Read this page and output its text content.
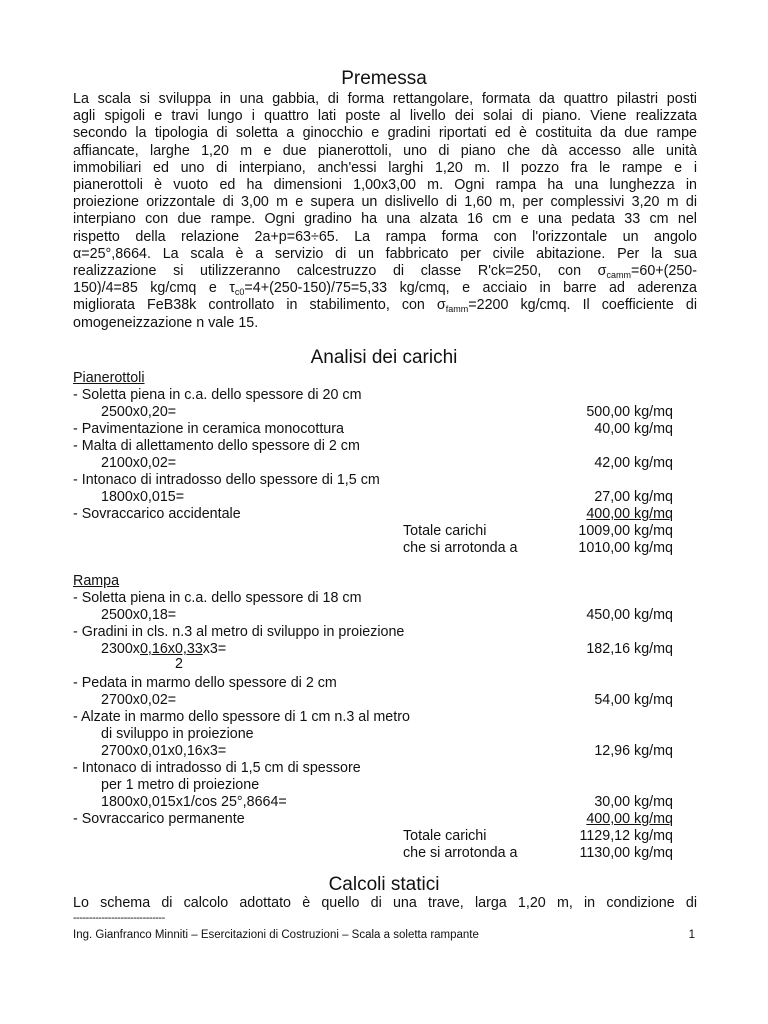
Premessa
La scala si sviluppa in una gabbia, di forma rettangolare, formata da quattro pilastri posti
agli spigoli e travi lungo i quattro lati poste al livello dei solai di piano. Viene realizzata
secondo la tipologia di soletta a ginocchio e gradini riportati ed è costituita da due rampe
affiancate, larghe 1,20 m e due pianerottoli, uno di piano che dà accesso alle unità
immobiliari ed uno di interpiano, anch'essi larghi 1,20 m. Il pozzo fra le rampe e i
pianerottoli è vuoto ed ha dimensioni 1,00x3,00 m. Ogni rampa ha una lunghezza in
proiezione orizzontale di 3,00 m e supera un dislivello di 1,60 m, per complessivi 3,20 m di
interpiano con due rampe. Ogni gradino ha una alzata 16 cm e una pedata 33 cm nel
rispetto della relazione 2a+p=63÷65. La rampa forma con l'orizzontale un angolo
α=25°,8664. La scala è a servizio di un fabbricato per civile abitazione. Per la sua
realizzazione si utilizzeranno calcestruzzo di classe R'ck=250, con $\sigma_{camm}=60+(250-$
150)/4=85 kg/cmq e $\tau_{c0}=4+(250-150)/75=5,33$ kg/cmq, e acciaio in barre ad aderenza
migliorata FeB38k controllato in stabilimento, con $\sigma_{famm}=2200$ kg/cmq. Il coefficiente di
omogeneizzazione n vale 15.
Analisi dei carichi
Pianerottoli
- Soletta piena in c.a. dello spessore di 20 cm
2500x0,20=	500,00 kg/mq
- Pavimentazione in ceramica monocottura	40,00 kg/mq
- Malta di allettamento dello spessore di 2 cm
2100x0,02=	42,00 kg/mq
- Intonaco di intradosso dello spessore di 1,5 cm
1800x0,015=	27,00 kg/mq
- Sovraccarico accidentale	400,00 kg/mq
Totale carichi	1009,00 kg/mq
che si arrotonda a	1010,00 kg/mq
Rampa
- Soletta piena in c.a. dello spessore di 18 cm
2500x0,18=	450,00 kg/mq
- Gradini in cls. n.3 al metro di sviluppo in proiezione
2300x0,16x0,33x3=	182,16 kg/mq
2
- Pedata in marmo dello spessore di 2 cm
2700x0,02=	54,00 kg/mq
- Alzate in marmo dello spessore di 1 cm n.3 al metro
di sviluppo in proiezione
2700x0,01x0,16x3=	12,96 kg/mq
- Intonaco di intradosso di 1,5 cm di spessore
per 1 metro di proiezione
1800x0,015x1/cos 25°,8664=	30,00 kg/mq
- Sovraccarico permanente	400,00 kg/mq
Totale carichi	1129,12 kg/mq
che si arrotonda a	1130,00 kg/mq
Calcoli statici
Lo schema di calcolo adottato è quello di una trave, larga 1,20 m, in condizione di
-----------------------------
Ing. Gianfranco Minniti – Esercitazioni di Costruzioni – Scala a soletta rampante	1
